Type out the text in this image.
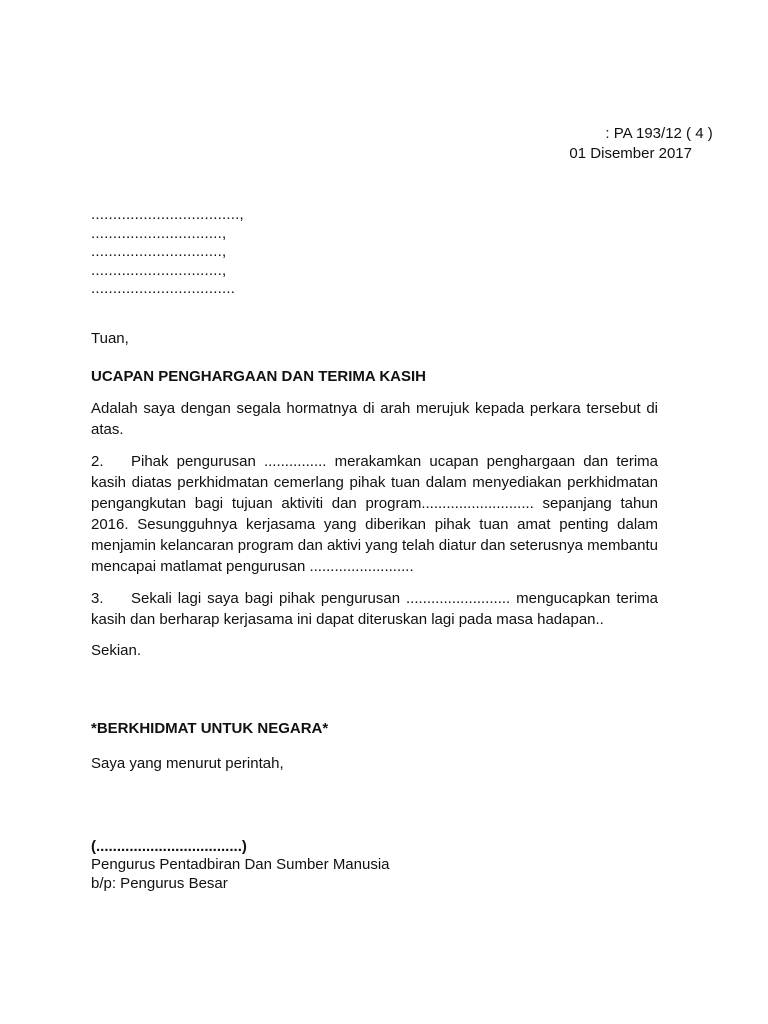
: PA 193/12 ( 4 )
01 Disember 2017
..................................,
..............................,
..............................,
..............................,
.................................
Tuan,
UCAPAN PENGHARGAAN DAN TERIMA KASIH
Adalah saya dengan segala hormatnya di arah merujuk kepada perkara tersebut di atas.
2. Pihak pengurusan ............... merakamkan ucapan penghargaan dan terima kasih diatas perkhidmatan cemerlang pihak tuan dalam menyediakan perkhidmatan pengangkutan bagi tujuan aktiviti dan program........................... sepanjang tahun 2016. Sesungguhnya kerjasama yang diberikan pihak tuan amat penting dalam menjamin kelancaran program dan aktivi yang telah diatur dan seterusnya membantu mencapai matlamat pengurusan .........................
3. Sekali lagi saya bagi pihak pengurusan ......................... mengucapkan terima kasih dan berharap kerjasama ini dapat diteruskan lagi pada masa hadapan..
Sekian.
*BERKHIDMAT UNTUK NEGARA*
Saya yang menurut perintah,
(...................................)
Pengurus Pentadbiran Dan Sumber Manusia
b/p: Pengurus Besar
